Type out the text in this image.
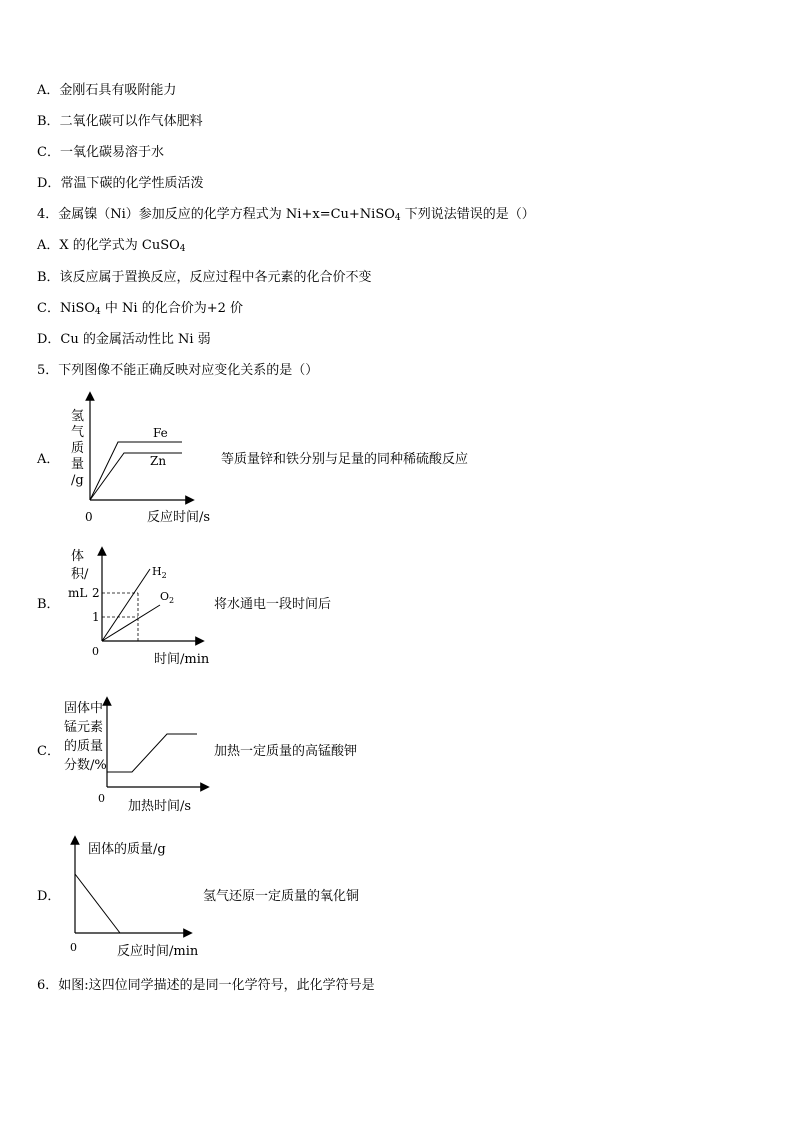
A．金刚石具有吸附能力
B．二氧化碳可以作气体肥料
C．一氧化碳易溶于水
D．常温下碳的化学性质活泼
4．金属镍（Ni）参加反应的化学方程式为 Ni+x=Cu+NiSO$_4$ 下列说法错误的是（）
A．X 的化学式为 CuSO$_4$
B．该反应属于置换反应，反应过程中各元素的化合价不变
C．NiSO$_4$ 中 Ni 的化合价为+2 价
D．Cu 的金属活动性比 Ni 弱
5．下列图像不能正确反映对应变化关系的是（）
A．
氢
气
质
量
/g
Fe
Zn
0	反应时间/s
等质量锌和铁分别与足量的同种稀硫酸反应
B．
体
积/
mL 2
1
$H_2$
$O_2$
0
时间/min
将水通电一段时间后
C．
固体中
锰元素
的质量
分数/%
0
加热时间/s
加热一定质量的高锰酸钾
D．
固体的质量/g
0	反应时间/min
氢气还原一定质量的氧化铜
6．如图:这四位同学描述的是同一化学符号，此化学符号是
